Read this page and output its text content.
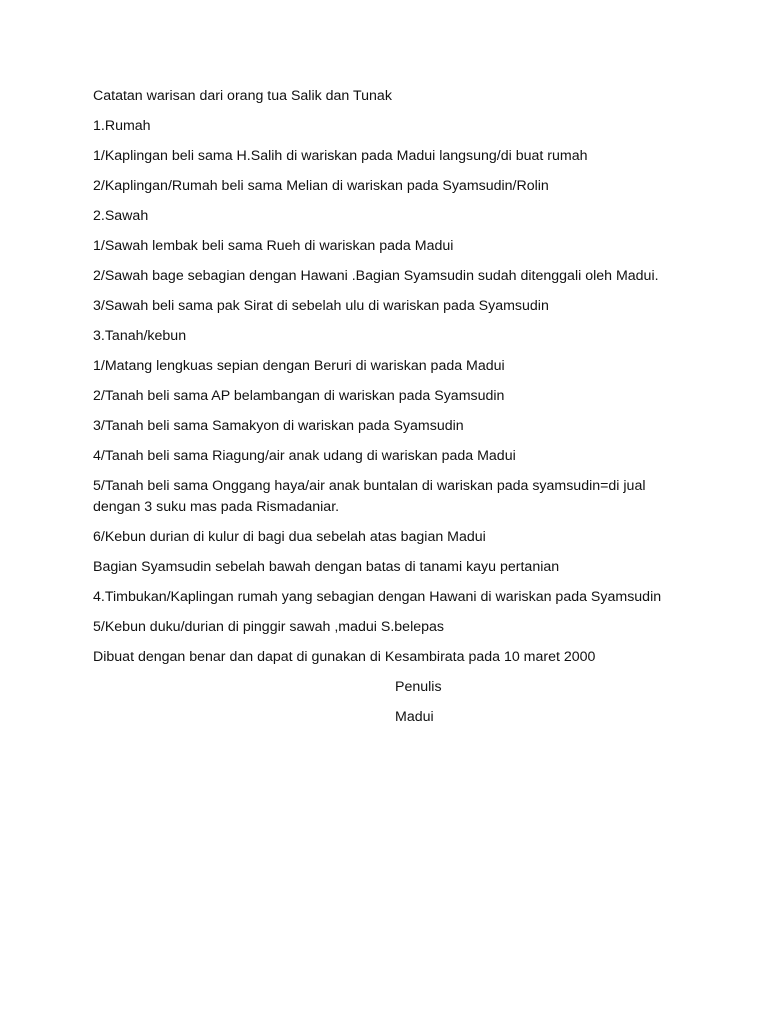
Catatan warisan dari orang tua Salik dan Tunak

1.Rumah

1/Kaplingan beli sama H.Salih di wariskan pada Madui langsung/di buat rumah

2/Kaplingan/Rumah beli sama Melian di wariskan pada Syamsudin/Rolin

2.Sawah

1/Sawah lembak beli sama Rueh di wariskan pada Madui

2/Sawah bage sebagian dengan Hawani .Bagian Syamsudin sudah ditenggali oleh Madui.

3/Sawah beli sama pak Sirat di sebelah ulu di wariskan pada Syamsudin

3.Tanah/kebun

1/Matang lengkuas sepian dengan Beruri di wariskan pada Madui

2/Tanah beli sama AP belambangan di wariskan pada Syamsudin

3/Tanah beli sama Samakyon di wariskan pada Syamsudin

4/Tanah beli sama Riagung/air anak udang di wariskan pada Madui

5/Tanah beli sama Onggang haya/air anak buntalan di wariskan pada syamsudin=di jual dengan 3 suku mas pada Rismadaniar.

6/Kebun durian di kulur di bagi dua sebelah atas bagian Madui

Bagian Syamsudin sebelah bawah dengan batas di tanami kayu pertanian

4.Timbukan/Kaplingan rumah yang sebagian dengan Hawani di wariskan pada Syamsudin

5/Kebun duku/durian di pinggir sawah ,madui S.belepas

Dibuat dengan benar dan dapat di gunakan di Kesambirata pada 10 maret 2000

Penulis

Madui
